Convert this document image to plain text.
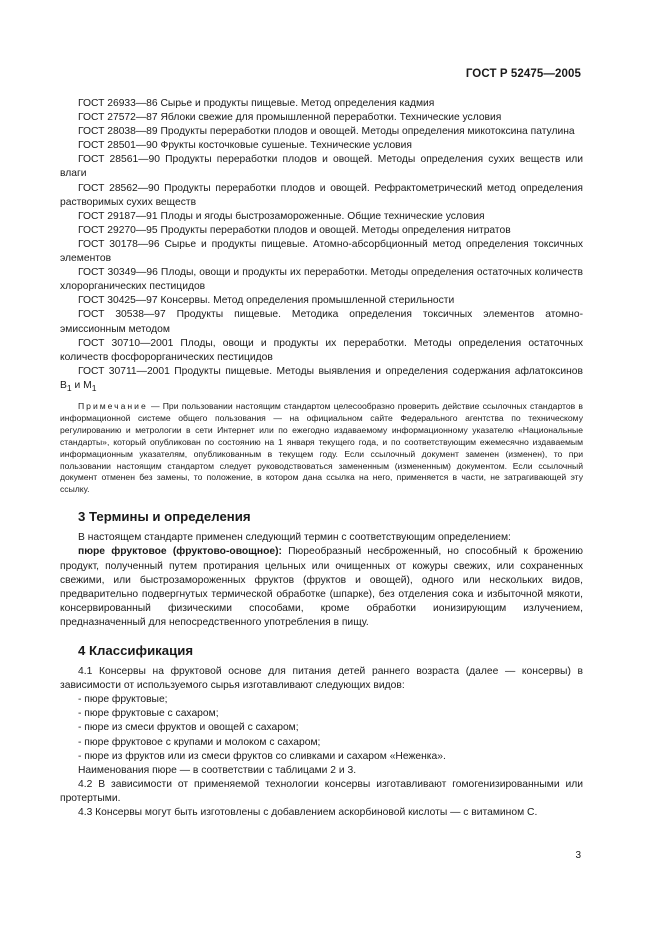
ГОСТ Р 52475—2005

ГОСТ 26933—86 Сырье и продукты пищевые. Метод определения кадмия

ГОСТ 27572—87 Яблоки свежие для промышленной переработки. Технические условия

ГОСТ 28038—89 Продукты переработки плодов и овощей. Методы определения микотоксина патулина

ГОСТ 28501—90 Фрукты косточковые сушеные. Технические условия

ГОСТ 28561—90 Продукты переработки плодов и овощей. Методы определения сухих веществ или влаги

ГОСТ 28562—90 Продукты переработки плодов и овощей. Рефрактометрический метод определения растворимых сухих веществ

ГОСТ 29187—91 Плоды и ягоды быстрозамороженные. Общие технические условия

ГОСТ 29270—95 Продукты переработки плодов и овощей. Методы определения нитратов

ГОСТ 30178—96 Сырье и продукты пищевые. Атомно-абсорбционный метод определения токсичных элементов

ГОСТ 30349—96 Плоды, овощи и продукты их переработки. Методы определения остаточных количеств хлорорганических пестицидов

ГОСТ 30425—97 Консервы. Метод определения промышленной стерильности

ГОСТ 30538—97 Продукты пищевые. Методика определения токсичных элементов атомно-эмиссионным методом

ГОСТ 30710—2001 Плоды, овощи и продукты их переработки. Методы определения остаточных количеств фосфорорганических пестицидов

ГОСТ 30711—2001 Продукты пищевые. Методы выявления и определения содержания афлатоксинов $В_1$ и $М_1$

Примечание — При пользовании настоящим стандартом целесообразно проверить действие ссылочных стандартов в информационной системе общего пользования — на официальном сайте Федерального агентства по техническому регулированию и метрологии в сети Интернет или по ежегодно издаваемому информационному указателю «Национальные стандарты», который опубликован по состоянию на 1 января текущего года, и по соответствующим ежемесячно издаваемым информационным указателям, опубликованным в текущем году. Если ссылочный документ заменен (изменен), то при пользовании настоящим стандартом следует руководствоваться замененным (измененным) документом. Если ссылочный документ отменен без замены, то положение, в котором дана ссылка на него, применяется в части, не затрагивающей эту ссылку.

3 Термины и определения

В настоящем стандарте применен следующий термин с соответствующим определением:

пюре фруктовое (фруктово-овощное): Пюреобразный несброженный, но способный к брожению продукт, полученный путем протирания цельных или очищенных от кожуры свежих, или сохраненных свежими, или быстрозамороженных фруктов (фруктов и овощей), одного или нескольких видов, предварительно подвергнутых термической обработке (шпарке), без отделения сока и избыточной мякоти, консервированный физическими способами, кроме обработки ионизирующим излучением, предназначенный для непосредственного употребления в пищу.

4 Классификация

4.1 Консервы на фруктовой основе для питания детей раннего возраста (далее — консервы) в зависимости от используемого сырья изготавливают следующих видов:

- пюре фруктовые;
- пюре фруктовые с сахаром;
- пюре из смеси фруктов и овощей с сахаром;
- пюре фруктовое с крупами и молоком с сахаром;
- пюре из фруктов или из смеси фруктов со сливками и сахаром «Неженка».

Наименования пюре — в соответствии с таблицами 2 и 3.

4.2 В зависимости от применяемой технологии консервы изготавливают гомогенизированными или протертыми.

4.3 Консервы могут быть изготовлены с добавлением аскорбиновой кислоты — с витамином С.

3
